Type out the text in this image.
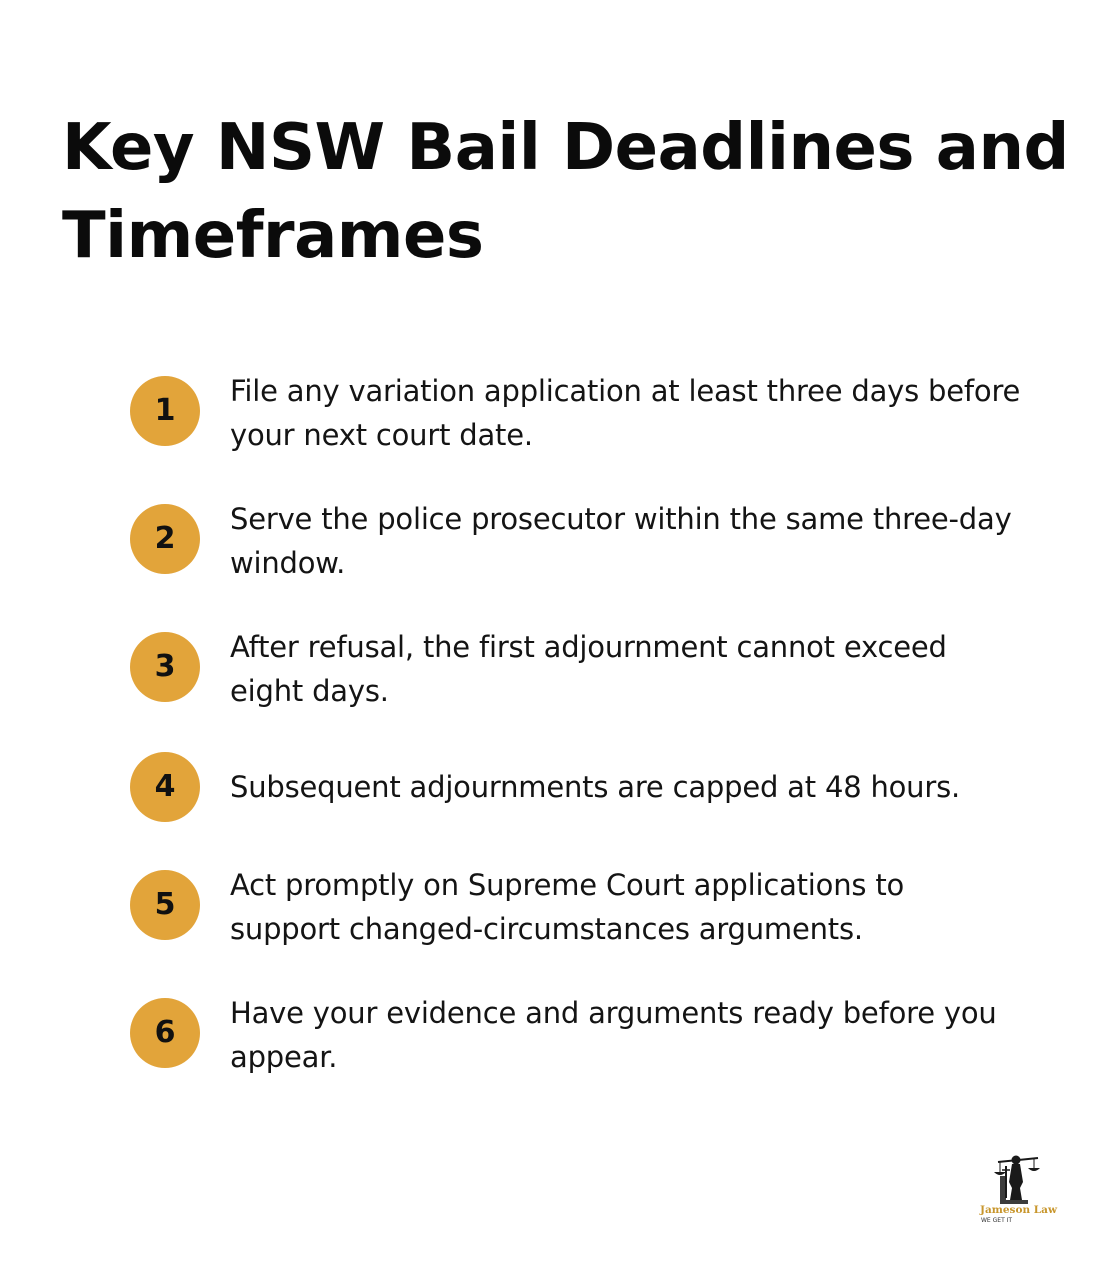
Key NSW Bail Deadlines and
Timeframes
1
File any variation application at least three days before
your next court date.
2
Serve the police prosecutor within the same three-day
window.
3
After refusal, the first adjournment cannot exceed
eight days.
4	Subsequent adjournments are capped at 48 hours.
5
Act promptly on Supreme Court applications to
support changed-circumstances arguments.
6
Have your evidence and arguments ready before you
appear.
Jameson Law
WE GET IT
